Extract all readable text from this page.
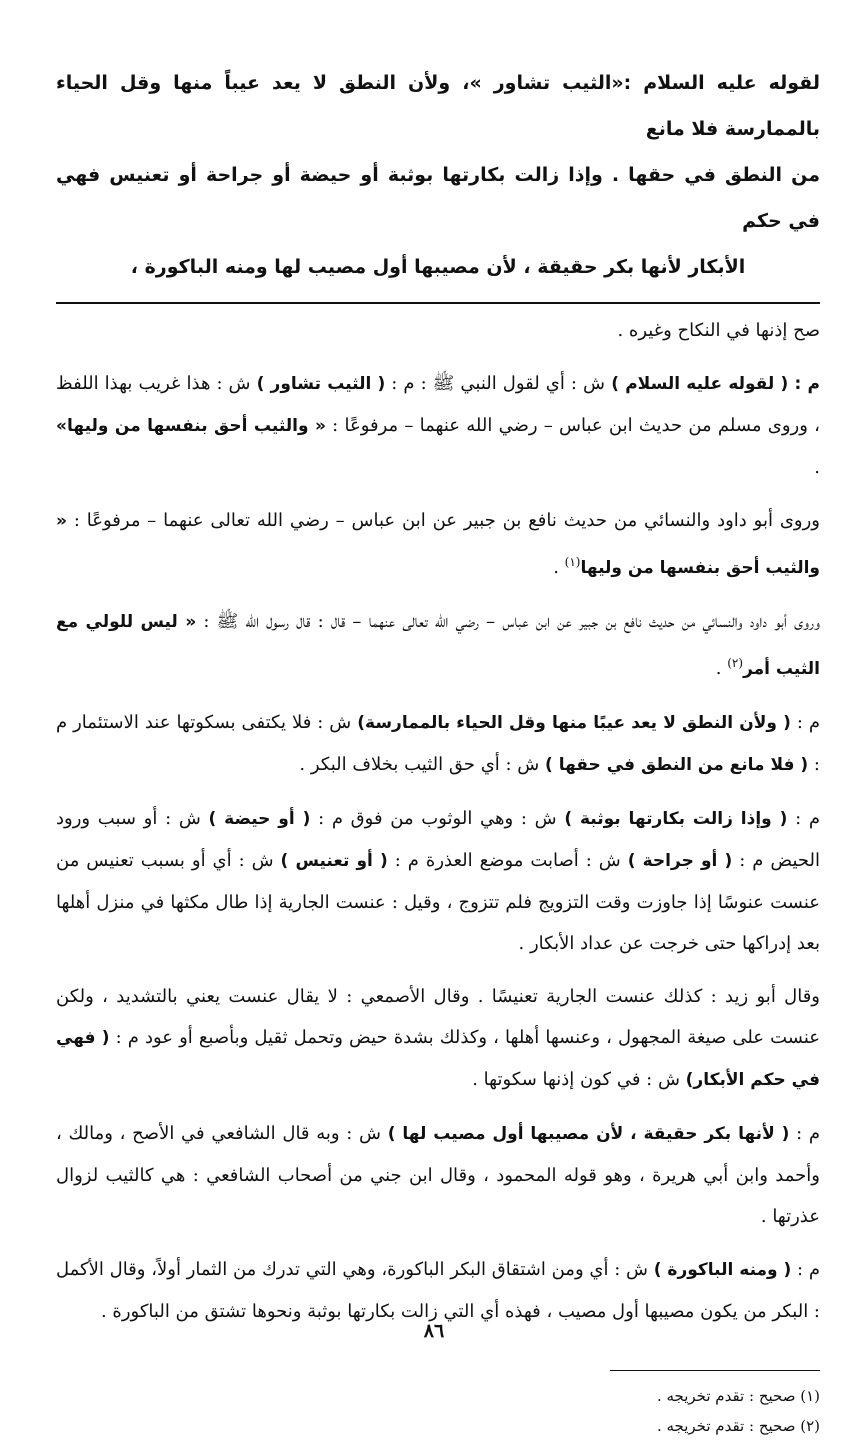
لقوله عليه السلام :«الثيب تشاور »، ولأن النطق لا يعد عيباً منها وقل الحياء بالممارسة فلا مانع

من النطق في حقها . وإذا زالت بكارتها بوثبة أو حيضة أو جراحة أو تعنيس فهي في حكم

الأبكار لأنها بكر حقيقة ، لأن مصيبها أول مصيب لها ومنه الباكورة ،

صح إذنها في النكاح وغيره .

م : ( لقوله عليه السلام ) ش : أي لقول النبي ﷺ : م : ( الثيب تشاور ) ش : هذا غريب بهذا اللفظ ، وروى مسلم من حديث ابن عباس – رضي الله عنهما – مرفوعًا : « والثيب أحق بنفسها من وليها» .

وروى أبو داود والنسائي من حديث نافع بن جبير عن ابن عباس – رضي الله تعالى عنهما – مرفوعًا : « والثيب أحق بنفسها من وليها$^{(١)}$ .

وروى أبو داود والنسائي من حديث نافع بن جبير عن ابن عباس – رضي الله تعالى عنهما – قال : قال رسول الله ﷺ : « ليس للولي مع الثيب أمر$^{(٢)}$ .

م : ( ولأن النطق لا يعد عيبًا منها وقل الحياء بالممارسة) ش : فلا يكتفى بسكوتها عند الاستئمار م : ( فلا مانع من النطق في حقها ) ش : أي حق الثيب بخلاف البكر .

م : ( وإذا زالت بكارتها بوثبة ) ش : وهي الوثوب من فوق م : ( أو حيضة ) ش : أو سبب ورود الحيض م : ( أو جراحة ) ش : أصابت موضع العذرة م : ( أو تعنيس ) ش : أي أو بسبب تعنيس من عنست عنوسًا إذا جاوزت وقت التزويج فلم تتزوج ، وقيل : عنست الجارية إذا طال مكثها في منزل أهلها بعد إدراكها حتى خرجت عن عداد الأبكار .

وقال أبو زيد : كذلك عنست الجارية تعنيسًا . وقال الأصمعي : لا يقال عنست يعني بالتشديد ، ولكن عنست على صيغة المجهول ، وعنسها أهلها ، وكذلك بشدة حيض وتحمل ثقيل وبأصبع أو عود م : ( فهي في حكم الأبكار) ش : في كون إذنها سكوتها .

م : ( لأنها بكر حقيقة ، لأن مصيبها أول مصيب لها ) ش : وبه قال الشافعي في الأصح ، ومالك ، وأحمد وابن أبي هريرة ، وهو قوله المحمود ، وقال ابن جني من أصحاب الشافعي : هي كالثيب لزوال عذرتها .

م : ( ومنه الباكورة ) ش : أي ومن اشتقاق البكر الباكورة، وهي التي تدرك من الثمار أولاً، وقال الأكمل : البكر من يكون مصيبها أول مصيب ، فهذه أي التي زالت بكارتها بوثبة ونحوها تشتق من الباكورة .

(١) صحيح : تقدم تخريجه .

(٢) صحيح : تقدم تخريجه .

٨٦
